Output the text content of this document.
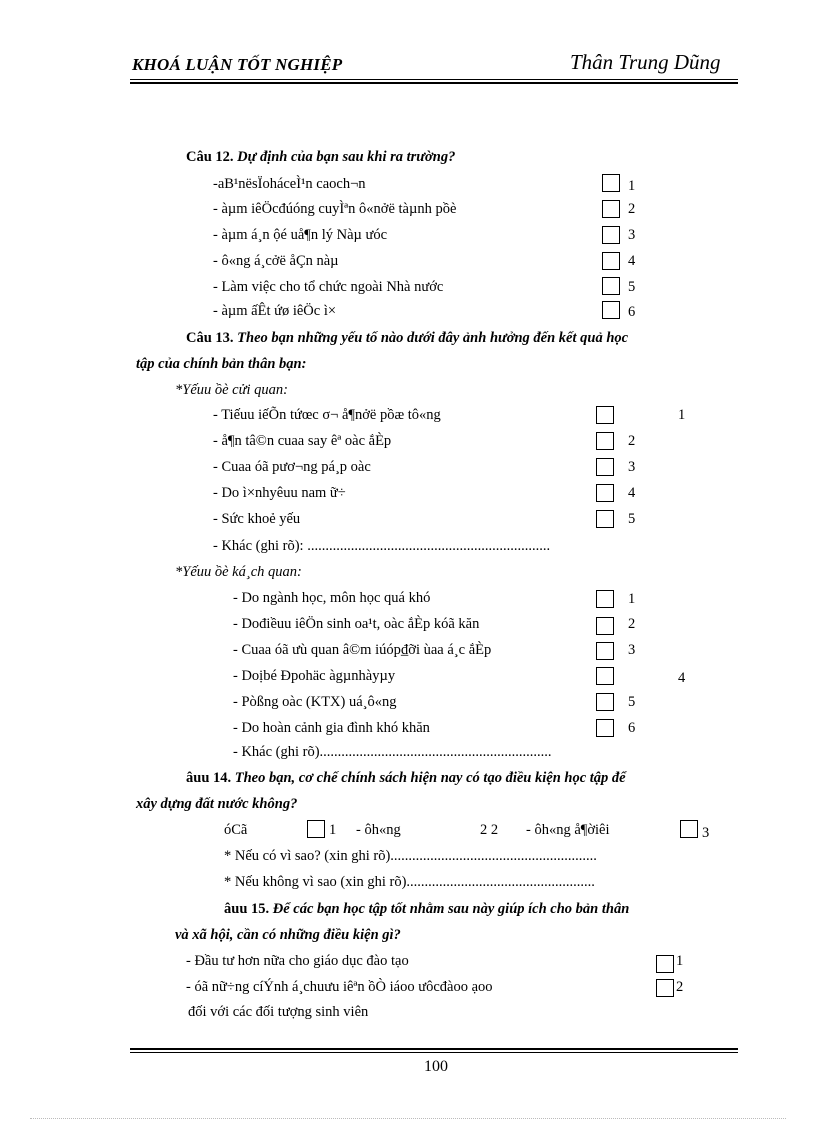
KHOÁ LUẬN TỐT NGHIỆP	Thân Trung Dũng
Câu 12. Dự định của bạn sau khi ra trường?
-aB¹nësÏoháceÌ¹n caoch¬n	1
- àµm iêÖcđúóng cuyÌªn ô«nởë tàµnh pồè	2
- àµm á¸n ộé uå¶n lý Nàµ ưóc	3
- ô«ng á¸cởë åÇn nàµ	4
- Làm việc cho tổ chức ngoài Nhà nước	5
- àµm ấÊt ứø iêÖc ì×	6
Câu 13. Theo bạn những yếu tố nào dưới đây ảnh hưởng đến kết quả học
tập của chính bản thân bạn:
*Yếuu ồè cửi quan:
- Tiếuu iếÕn tứœc σ¬ å¶nởë pồæ tô«ng	1
- å¶n tâ©n cuaa say êª oàc ắÈp	2
- Cuaa óã pươ¬ng pá¸p oàc	3
- Do ì×nhyêuu nam ữ÷	4
- Sức khoẻ yếu	5
- Khác (ghi rõ): ...................................................................
*Yếuu ồè ká¸ch quan:
- Do ngành học, môn học quá khó	1
- Dođiềuu iêÖn sinh oa¹t, oàc ắÈp kóã kăn	2
- Cuaa óã ưù quan â©m iúóp₫ỡi ùaa á¸c ắÈp	3
- Doịbé Ðpohäc àgµnhàyµy	4
- Pòßng oàc (KTX) uá¸ô«ng	5
- Do hoàn cảnh gia đình khó khăn	6
- Khác (ghi rõ)................................................................
âuu 14. Theo bạn, cơ chế chính sách hiện nay có tạo điều kiện học tập để
xây dựng đất nước không?
óCã	1 - ôh«ng	2 2 - ôh«ng å¶ờiêi	3
* Nếu có vì sao? (xin ghi rõ).........................................................
* Nếu không vì sao (xin ghi rõ)....................................................
âuu 15. Để các bạn học tập tốt nhằm sau này giúp ích cho bản thân
và xã hội, cần có những điều kiện gì?
- Đầu tư hơn nữa cho giáo dục đào tạo	1
- óã nữ÷ng cíÝnh á¸chuưu iêªn ồÒ iáoo ưôcđàoo ạoo	2
đối với các đối tượng sinh viên
100
